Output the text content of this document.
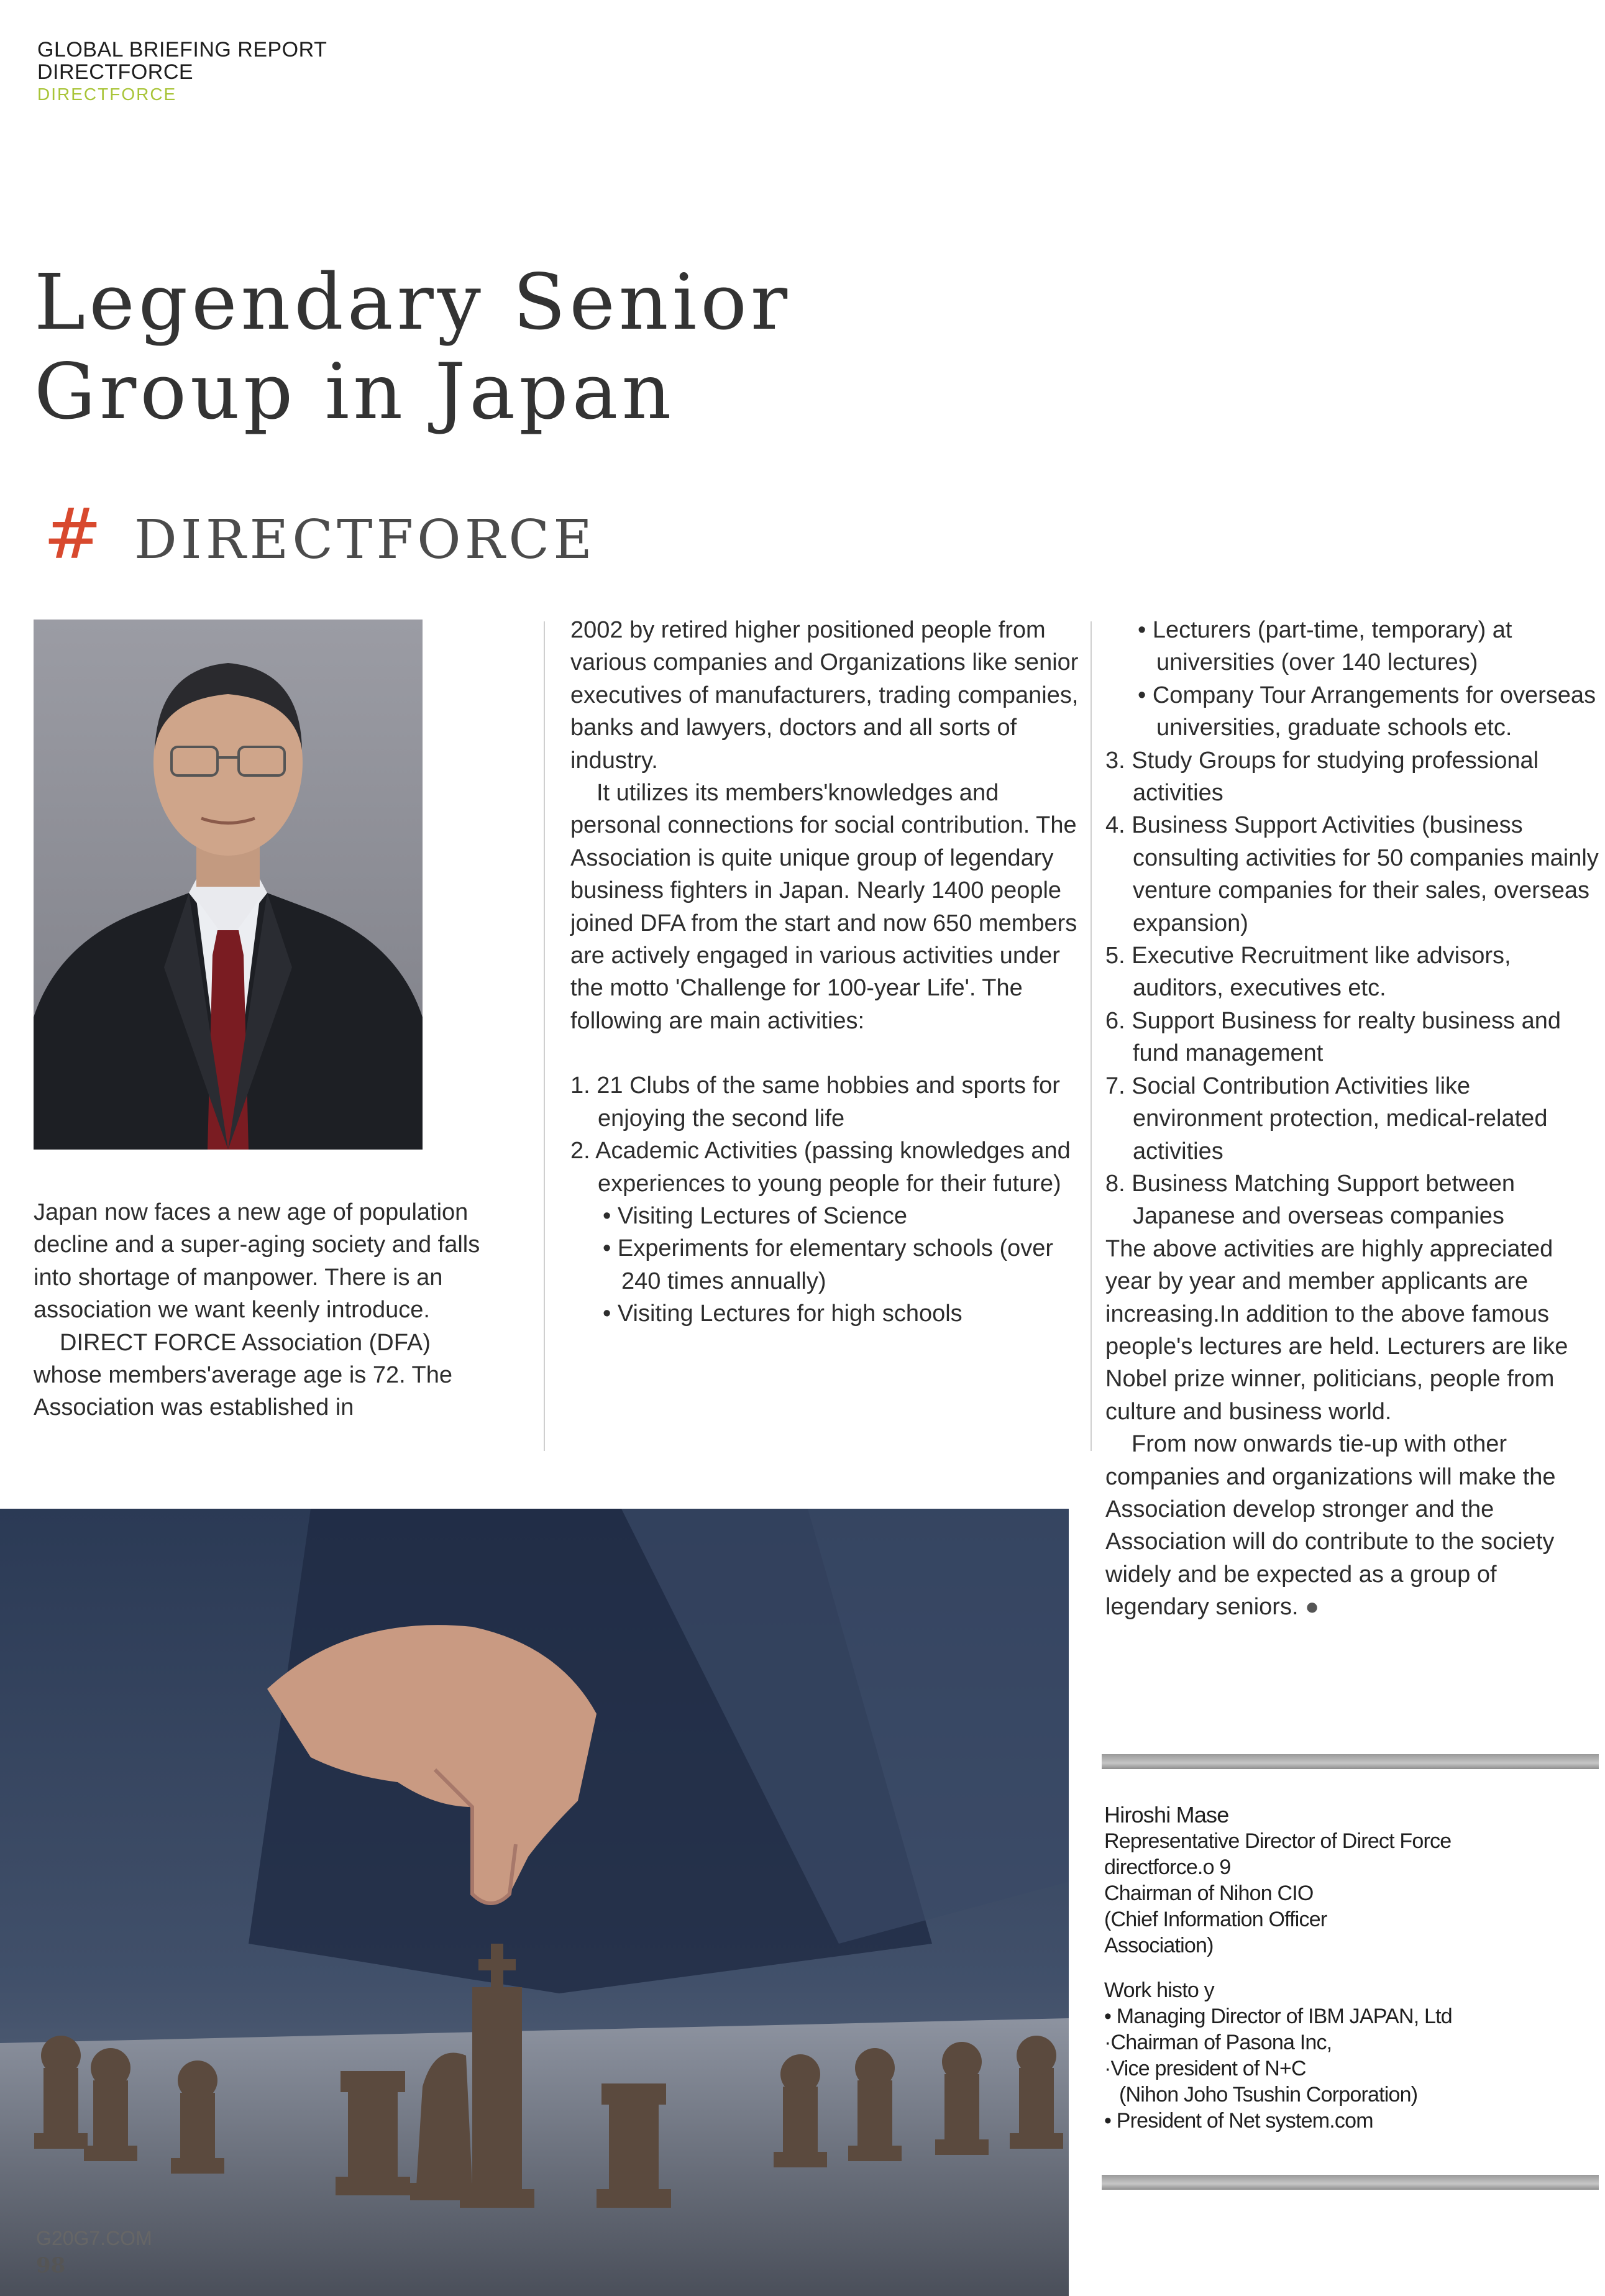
GLOBAL BRIEFING REPORT
DIRECTFORCE
DIRECTFORCE
Legendary Senior
Group in Japan
# DIRECTFORCE

Japan now faces a new age of population decline and a super-aging society and falls into shortage of manpower. There is an association we want keenly introduce.

DIRECT FORCE Association (DFA) whose members'average age is 72. The Association was established in

2002 by retired higher positioned people from various companies and Organizations like senior executives of manufacturers, trading companies, banks and lawyers, doctors and all sorts of industry.

It utilizes its members'knowledges and personal connections for social contribution. The Association is quite unique group of legendary business fighters in Japan. Nearly 1400 people joined DFA from the start and now 650 members are actively engaged in various activities under the motto 'Challenge for 100-year Life'. The following are main activities:

1. 21 Clubs of the same hobbies and sports for enjoying the second life

2. Academic Activities (passing knowledges and experiences to young people for their future)

• Visiting Lectures of Science

• Experiments for elementary schools (over 240 times annually)

• Visiting Lectures for high schools

• Lecturers (part-time, temporary) at universities (over 140 lectures)

• Company Tour Arrangements for overseas universities, graduate schools etc.

3. Study Groups for studying professional activities

4. Business Support Activities (business consulting activities for 50 companies mainly venture companies for their sales, overseas expansion)

5. Executive Recruitment like advisors, auditors, executives etc.

6. Support Business for realty business and fund management

7. Social Contribution Activities like environment protection, medical-related activities

8. Business Matching Support between Japanese and overseas companies

The above activities are highly appreciated year by year and member applicants are increasing.In addition to the above famous people's lectures are held. Lecturers are like Nobel prize winner, politicians, people from culture and business world.

From now onwards tie-up with other companies and organizations will make the Association develop stronger and the Association will do contribute to the society widely and be expected as a group of legendary seniors. ●

Hiroshi Mase

Representative Director of Direct Force

directforce.o 9

Chairman of Nihon CIO

(Chief Information Officer

Association)

Work histo y

• Managing Director of IBM JAPAN, Ltd

·Chairman of Pasona Inc,

·Vice president of N+C

(Nihon Joho Tsushin Corporation)

• President of Net system.com

G20G7.COM
98
